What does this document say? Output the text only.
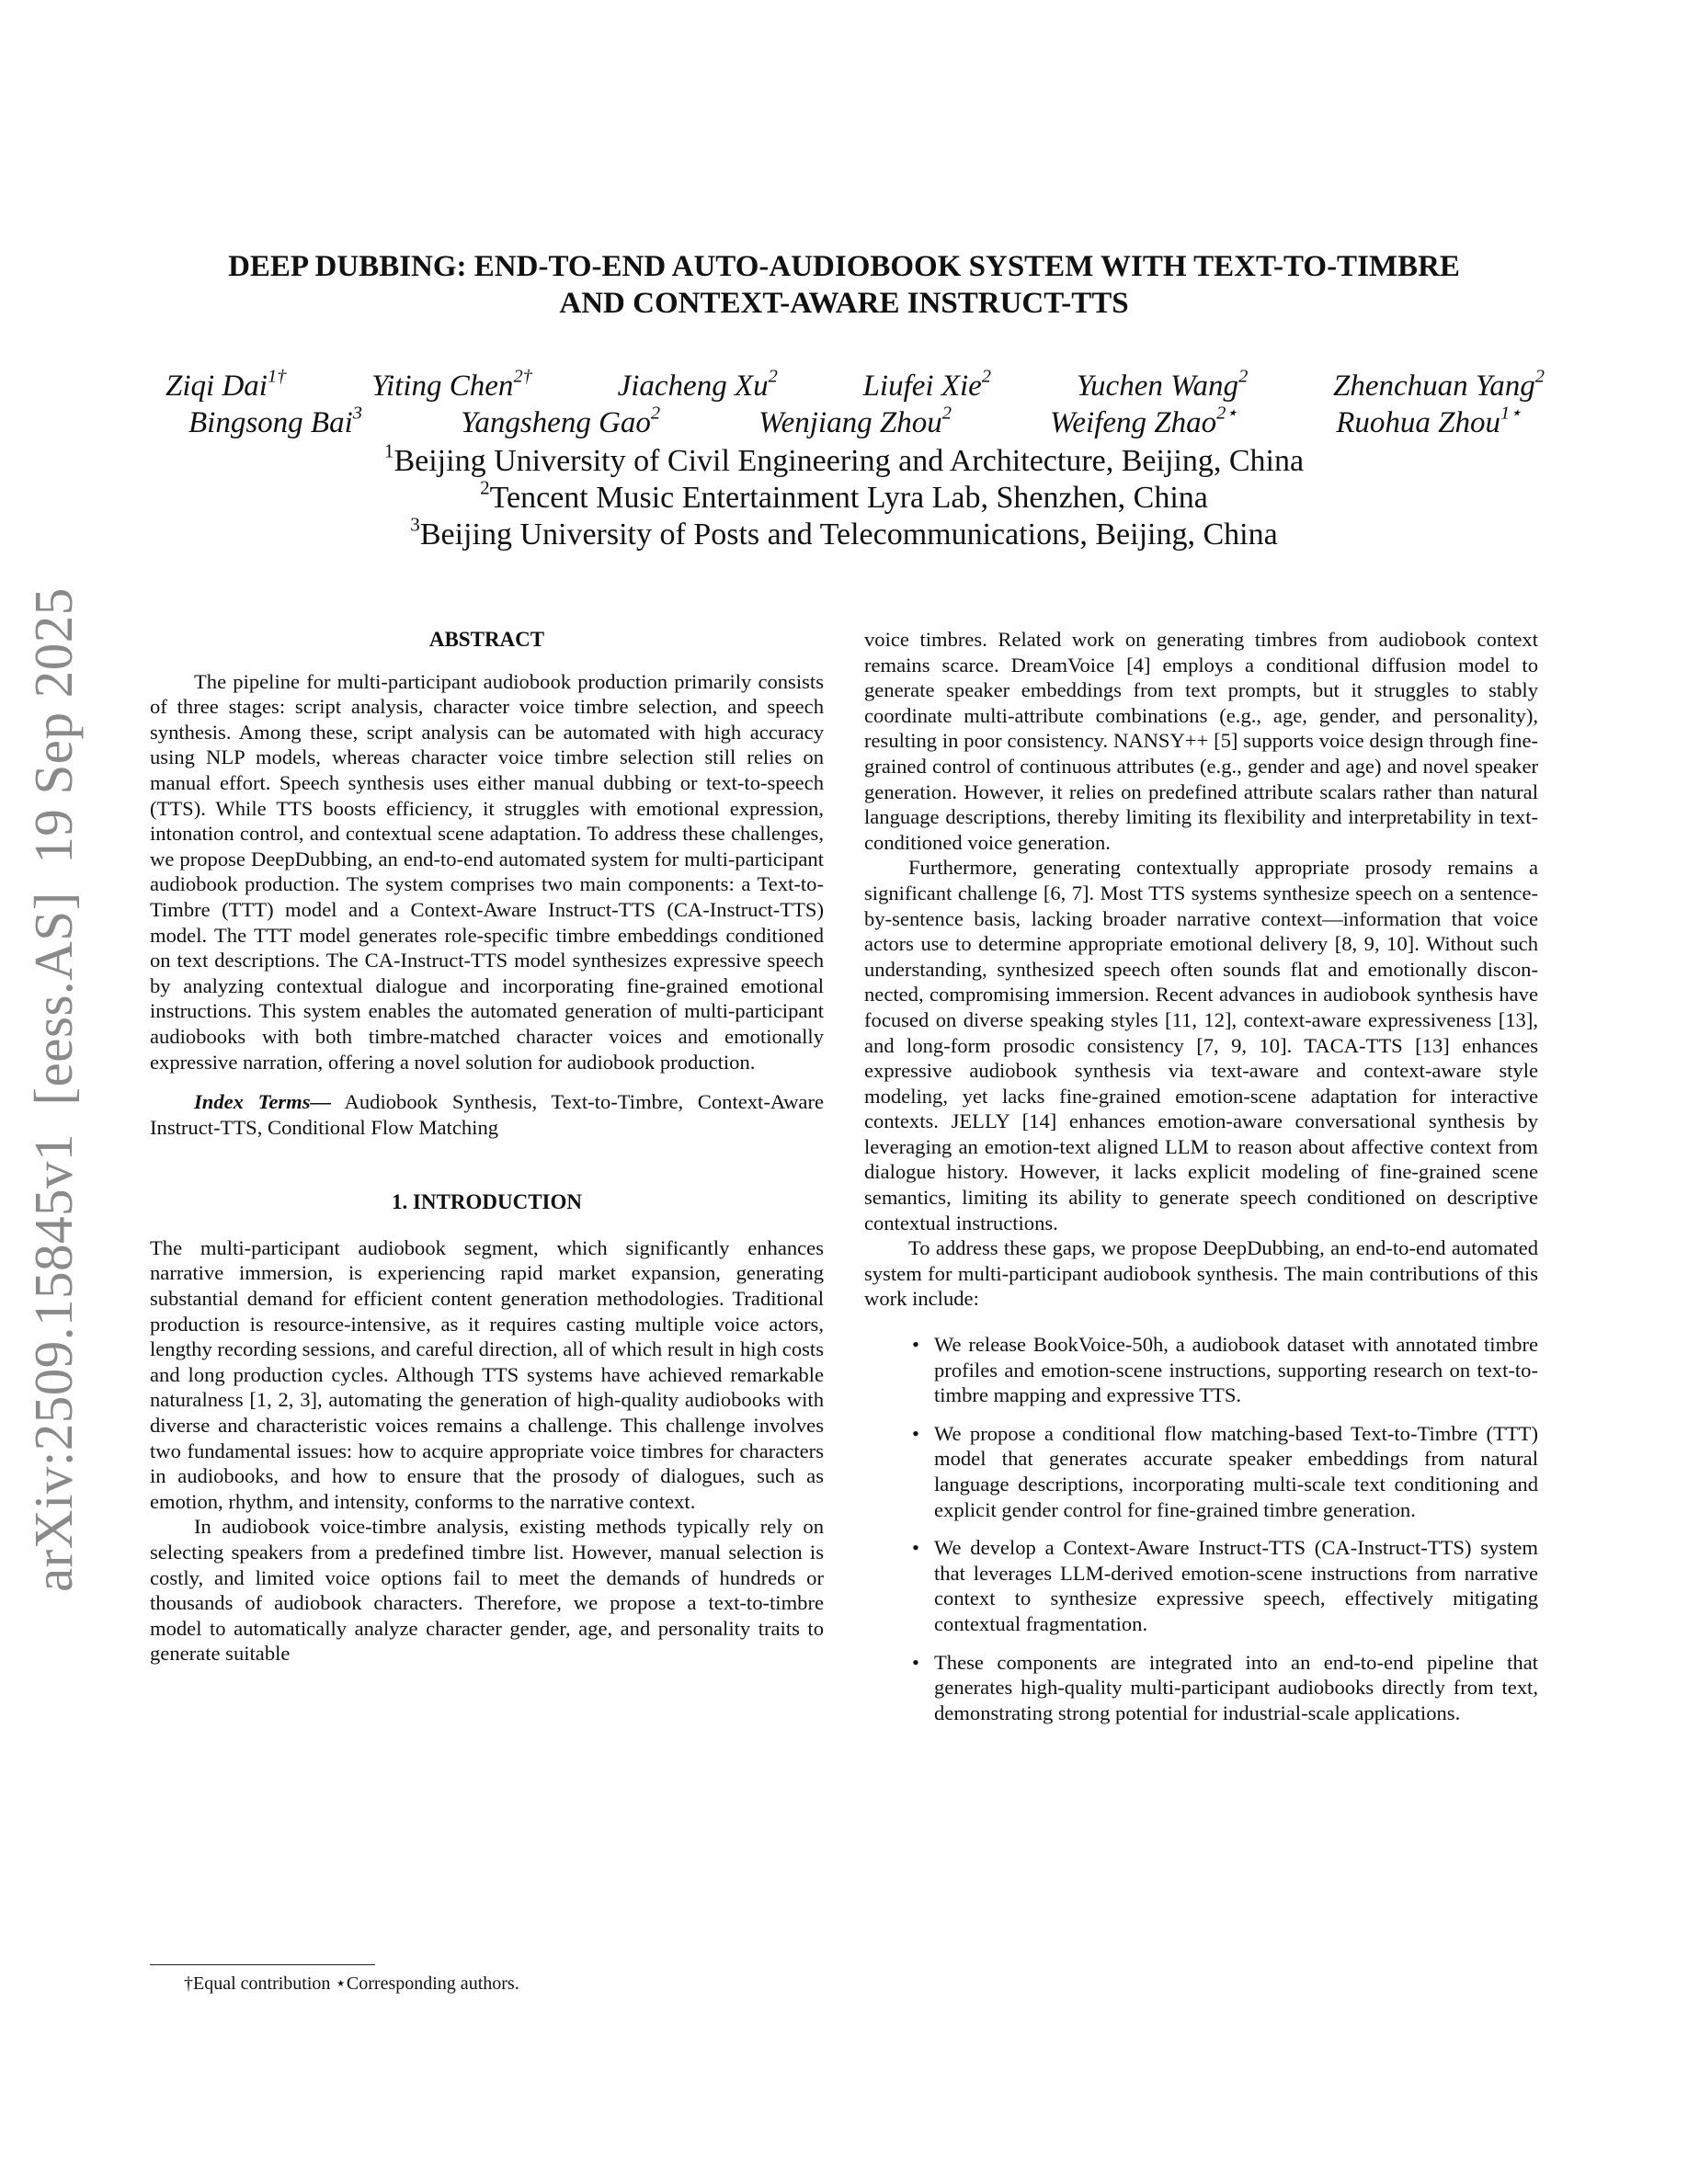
arXiv:2509.15845v1  [eess.AS]  19 Sep 2025
DEEP DUBBING: END-TO-END AUTO-AUDIOBOOK SYSTEM WITH TEXT-TO-TIMBRE
AND CONTEXT-AWARE INSTRUCT-TTS
Ziqi Dai$^{1\dagger}$	Yiting Chen$^{2\dagger}$	Jiacheng Xu$^2$	Liufei Xie$^2$	Yuchen Wang$^2$	Zhenchuan Yang$^2$
Bingsong Bai$^3$	Yangsheng Gao$^2$	Wenjiang Zhou$^2$	Weifeng Zhao$^{2⋆}$	Ruohua Zhou$^{1⋆}$
$^1$Beijing University of Civil Engineering and Architecture, Beijing, China
$^2$Tencent Music Entertainment Lyra Lab, Shenzhen, China
$^3$Beijing University of Posts and Telecommunications, Beijing, China
ABSTRACT

The pipeline for multi-participant audiobook production primarily consists of three stages: script analysis, character voice timbre selection, and speech synthesis. Among these, script analysis can be automated with high accuracy using NLP models, whereas character voice timbre selection still relies on manual effort. Speech synthesis uses either manual dubbing or text-to-speech (TTS). While TTS boosts efficiency, it struggles with emotional expression, intonation control, and contextual scene adaptation. To address these challenges, we propose DeepDubbing, an end-to-end automated system for multi-participant audiobook production. The system comprises two main components: a Text-to-Timbre (TTT) model and a Context-Aware Instruct-TTS (CA-Instruct-TTS) model. The TTT model generates role-specific timbre embeddings conditioned on text descriptions. The CA-Instruct-TTS model synthesizes expressive speech by analyzing contextual dialogue and incorporating fine-grained emotional instructions. This system enables the automated generation of multi-participant audiobooks with both timbre-matched character voices and emotionally expressive narration, offering a novel solution for audiobook production.

Index Terms— Audiobook Synthesis, Text-to-Timbre, Context-Aware Instruct-TTS, Conditional Flow Matching

1. INTRODUCTION

The multi-participant audiobook segment, which significantly enhances narrative immersion, is experiencing rapid market expansion, generating substantial demand for efficient content generation methodologies. Traditional production is resource-intensive, as it requires casting multiple voice actors, lengthy recording sessions, and careful direction, all of which result in high costs and long production cycles. Although TTS systems have achieved remarkable naturalness [1, 2, 3], automating the generation of high-quality audiobooks with diverse and characteristic voices remains a challenge. This challenge involves two fundamental issues: how to acquire appropriate voice timbres for characters in audiobooks, and how to ensure that the prosody of dialogues, such as emotion, rhythm, and intensity, conforms to the narrative context.

In audiobook voice-timbre analysis, existing methods typically rely on selecting speakers from a predefined timbre list. However, manual selection is costly, and limited voice options fail to meet the demands of hundreds or thousands of audiobook characters. Therefore, we propose a text-to-timbre model to automatically analyze character gender, age, and personality traits to generate suitable

voice timbres. Related work on generating timbres from audiobook context remains scarce. DreamVoice [4] employs a conditional diffusion model to generate speaker embeddings from text prompts, but it struggles to stably coordinate multi-attribute combinations (e.g., age, gender, and personality), resulting in poor consistency. NANSY++ [5] supports voice design through fine-grained control of continuous attributes (e.g., gender and age) and novel speaker generation. However, it relies on predefined attribute scalars rather than natural language descriptions, thereby limiting its flexibility and interpretability in text-conditioned voice generation.

Furthermore, generating contextually appropriate prosody remains a significant challenge [6, 7]. Most TTS systems synthesize speech on a sentence-by-sentence basis, lacking broader narrative context—information that voice actors use to determine appropriate emotional delivery [8, 9, 10]. Without such understanding, synthesized speech often sounds flat and emotionally disconnected, compromising immersion. Recent advances in audiobook synthesis have focused on diverse speaking styles [11, 12], context-aware expressiveness [13], and long-form prosodic consistency [7, 9, 10]. TACA-TTS [13] enhances expressive audiobook synthesis via text-aware and context-aware style modeling, yet lacks fine-grained emotion-scene adaptation for interactive contexts. JELLY [14] enhances emotion-aware conversational synthesis by leveraging an emotion-text aligned LLM to reason about affective context from dialogue history. However, it lacks explicit modeling of fine-grained scene semantics, limiting its ability to generate speech conditioned on descriptive contextual instructions.

To address these gaps, we propose DeepDubbing, an end-to-end automated system for multi-participant audiobook synthesis. The main contributions of this work include:

• We release BookVoice-50h, a audiobook dataset with annotated timbre profiles and emotion-scene instructions, supporting research on text-to-timbre mapping and expressive TTS.
• We propose a conditional flow matching-based Text-to-Timbre (TTT) model that generates accurate speaker embeddings from natural language descriptions, incorporating multi-scale text conditioning and explicit gender control for fine-grained timbre generation.
• We develop a Context-Aware Instruct-TTS (CA-Instruct-TTS) system that leverages LLM-derived emotion-scene instructions from narrative context to synthesize expressive speech, effectively mitigating contextual fragmentation.
• These components are integrated into an end-to-end pipeline that generates high-quality multi-participant audiobooks directly from text, demonstrating strong potential for industrial-scale applications.
†Equal contribution ⋆Corresponding authors.
